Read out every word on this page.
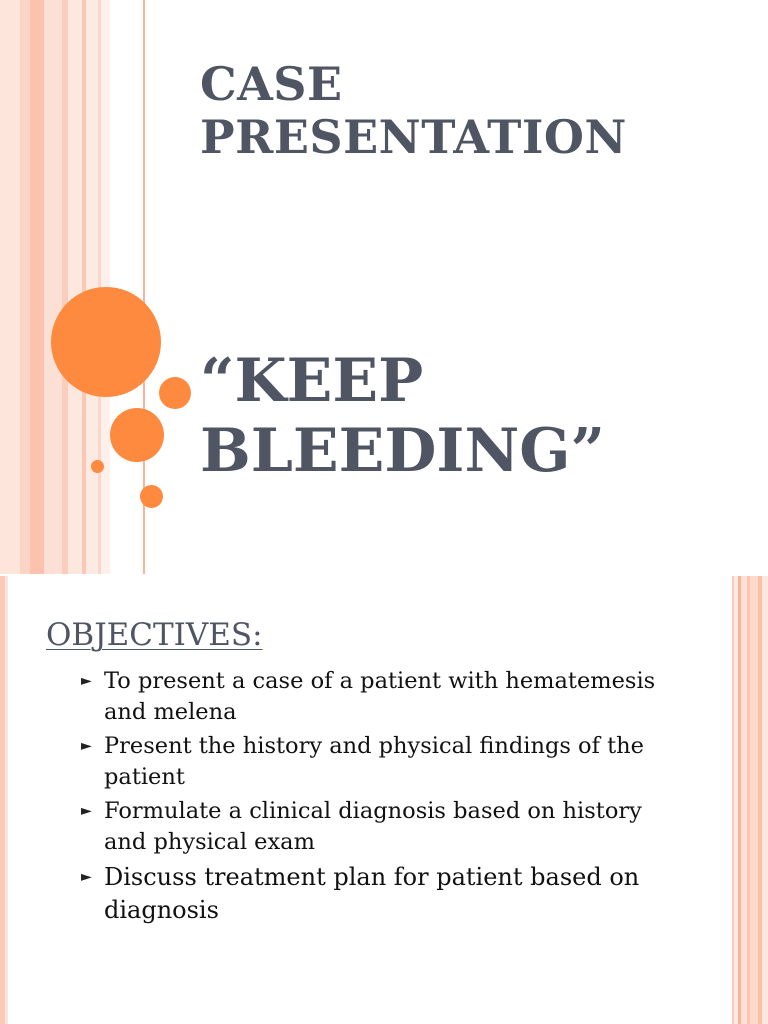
CASE PRESENTATION
“KEEP BLEEDING”
OBJECTIVES:
► To present a case of a patient with hematemesis and melena
► Present the history and physical findings of the patient
► Formulate a clinical diagnosis based on history and physical exam
► Discuss treatment plan for patient based on diagnosis
